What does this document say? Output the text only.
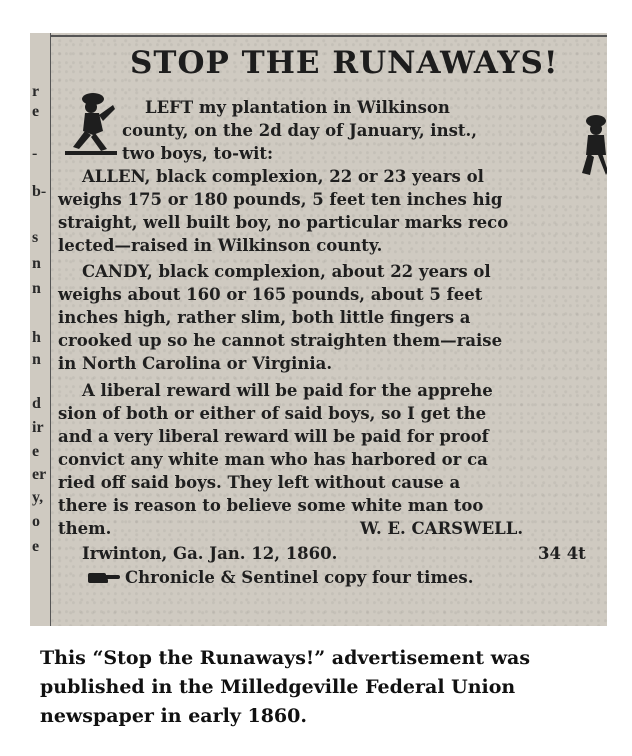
r
e
-
b-
s
n
n
h
n
d
ir
e
er
y,
o
e
STOP THE RUNAWAYS!
LEFT my plantation in Wilkinson
county, on the 2d day of January, inst.,
two boys, to-wit:
ALLEN, black complexion, 22 or 23 years ol
weighs 175 or 180 pounds, 5 feet ten inches hig
straight, well built boy, no particular marks reco
lected—raised in Wilkinson county.
CANDY, black complexion, about 22 years ol
weighs about 160 or 165 pounds, about 5 feet
inches high, rather slim, both little fingers a
crooked up so he cannot straighten them—raise
in North Carolina or Virginia.
A liberal reward will be paid for the apprehe
sion of both or either of said boys, so I get the
and a very liberal reward will be paid for proof
convict any white man who has harbored or ca
ried off said boys. They left without cause a
there is reason to believe some white man too
them.	W. E. CARSWELL.
Irwinton, Ga. Jan. 12, 1860.	34 4t
Chronicle & Sentinel copy four times.
This “Stop the Runaways!” advertisement was published in the Milledgeville Federal Union newspaper in early 1860.
